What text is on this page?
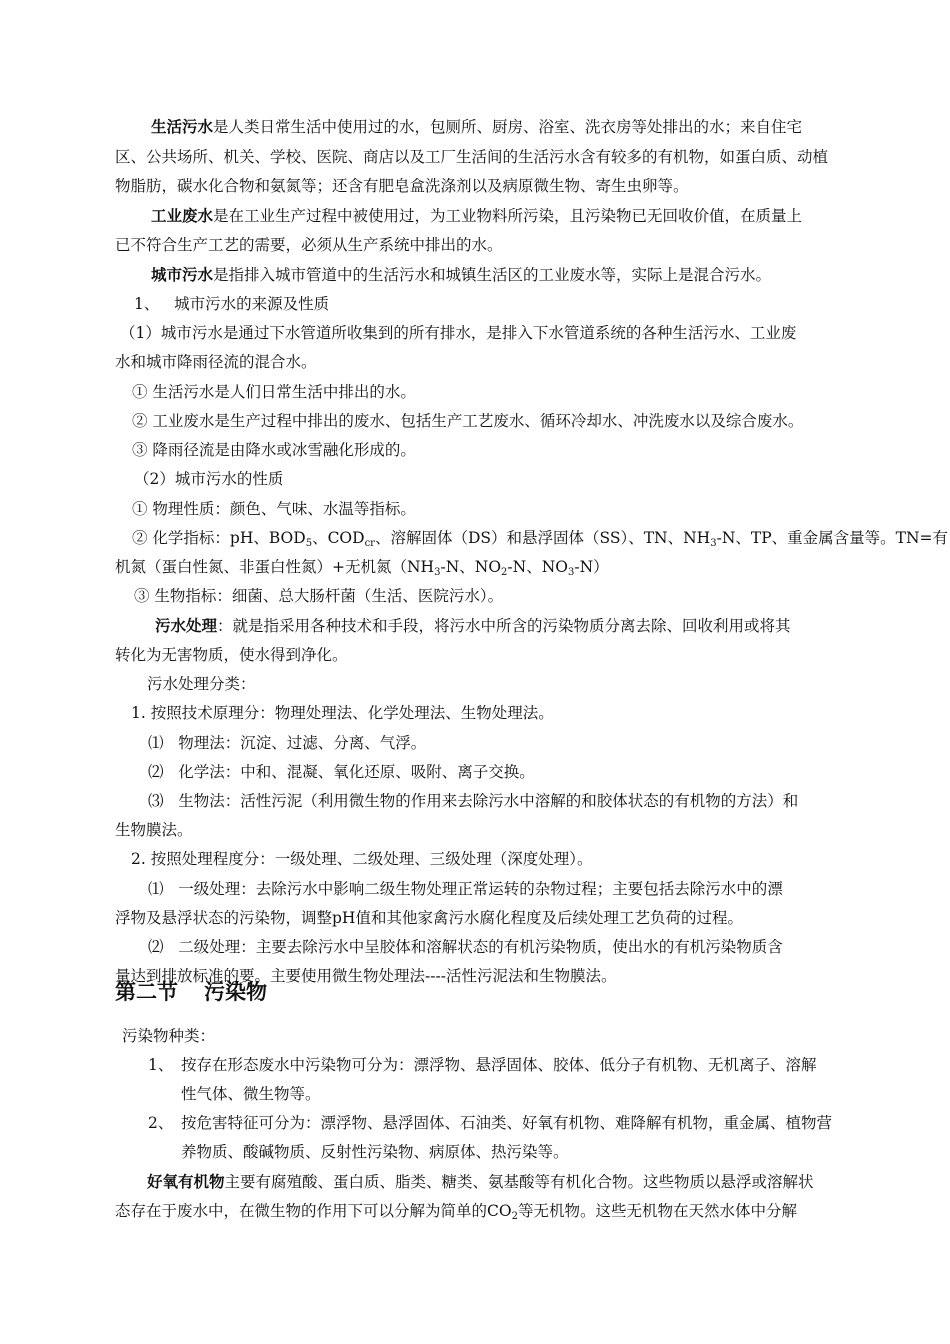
生活污水是人类日常生活中使用过的水，包厕所、厨房、浴室、洗衣房等处排出的水；来自住宅
区、公共场所、机关、学校、医院、商店以及工厂生活间的生活污水含有较多的有机物，如蛋白质、动植
物脂肪，碳水化合物和氨氮等；还含有肥皂盒洗涤剂以及病原微生物、寄生虫卵等。
工业废水是在工业生产过程中被使用过，为工业物料所污染，且污染物已无回收价值，在质量上
已不符合生产工艺的需要，必须从生产系统中排出的水。
城市污水是指排入城市管道中的生活污水和城镇生活区的工业废水等，实际上是混合污水。
1、 城市污水的来源及性质
（1）城市污水是通过下水管道所收集到的所有排水，是排入下水管道系统的各种生活污水、工业废
水和城市降雨径流的混合水。
① 生活污水是人们日常生活中排出的水。
② 工业废水是生产过程中排出的废水、包括生产工艺废水、循环冷却水、冲洗废水以及综合废水。
③ 降雨径流是由降水或冰雪融化形成的。
（2）城市污水的性质
① 物理性质：颜色、气味、水温等指标。
② 化学指标：pH、$BOD_5$、$COD_{cr}$、溶解固体（DS）和悬浮固体（SS）、TN、$NH_3-N$、TP、重金属含量等。TN=有
机氮（蛋白性氮、非蛋白性氮）+无机氮（$NH_3-N$、$NO_2-N$、$NO_3-N$）
③ 生物指标：细菌、总大肠杆菌（生活、医院污水）。
污水处理：就是指采用各种技术和手段，将污水中所含的污染物质分离去除、回收利用或将其
转化为无害物质，使水得到净化。
污水处理分类：
1. 按照技术原理分：物理处理法、化学处理法、生物处理法。
⑴ 物理法：沉淀、过滤、分离、气浮。
⑵ 化学法：中和、混凝、氧化还原、吸附、离子交换。
⑶ 生物法：活性污泥（利用微生物的作用来去除污水中溶解的和胶体状态的有机物的方法）和
生物膜法。
2. 按照处理程度分：一级处理、二级处理、三级处理（深度处理）。
⑴ 一级处理：去除污水中影响二级生物处理正常运转的杂物过程；主要包括去除污水中的漂
浮物及悬浮状态的污染物，调整pH值和其他家禽污水腐化程度及后续处理工艺负荷的过程。
⑵ 二级处理：主要去除污水中呈胶体和溶解状态的有机污染物质，使出水的有机污染物质含
量达到排放标准的要。主要使用微生物处理法----活性污泥法和生物膜法。
第二节 污染物
污染物种类：
1、 按存在形态废水中污染物可分为：漂浮物、悬浮固体、胶体、低分子有机物、无机离子、溶解
性气体、微生物等。
2、 按危害特征可分为：漂浮物、悬浮固体、石油类、好氧有机物、难降解有机物，重金属、植物营
养物质、酸碱物质、反射性污染物、病原体、热污染等。
好氧有机物主要有腐殖酸、蛋白质、脂类、糖类、氨基酸等有机化合物。这些物质以悬浮或溶解状
态存在于废水中，在微生物的作用下可以分解为简单的$CO_2$等无机物。这些无机物在天然水体中分解
